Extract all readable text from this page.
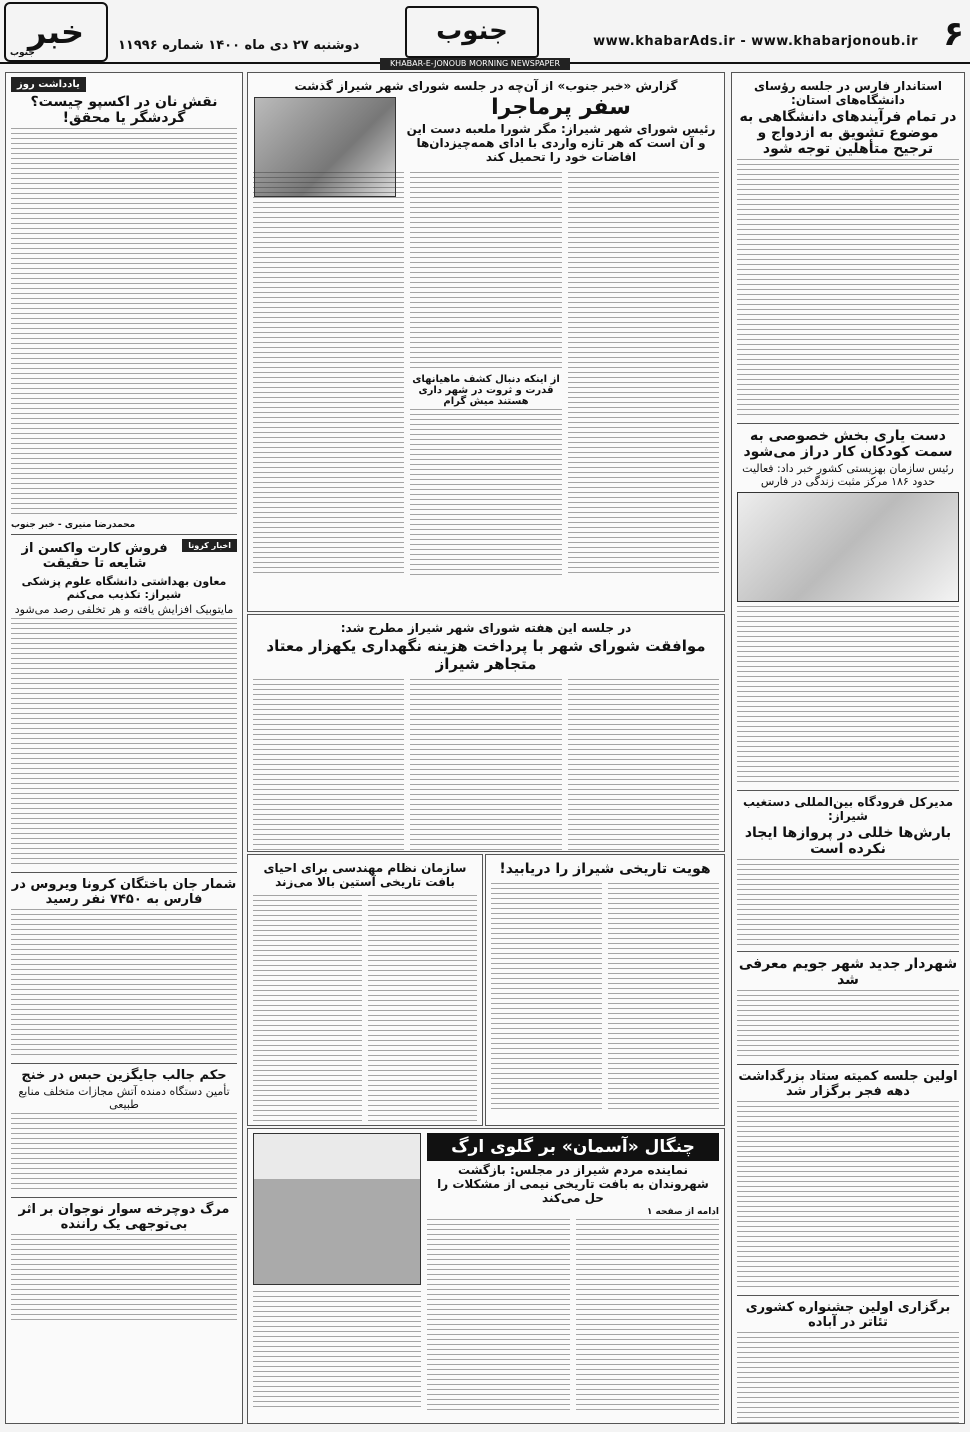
۶
www.khabarAds.ir - www.khabarjonoub.ir
جنوب
دوشنبه ۲۷ دی ماه ۱۴۰۰ شماره ۱۱۹۹۶
خبر
جنوب
KHABAR-E-JONOUB MORNING NEWSPAPER
استاندار فارس در جلسه رؤسای دانشگاه‌های استان:
در تمام فرآیندهای دانشگاهی به موضوع تشویق به ازدواج و ترجیح متأهلین توجه شود
دست یاری بخش خصوصی به سمت کودکان کار دراز می‌شود
رئیس سازمان بهزیستی کشور خبر داد: فعالیت حدود ۱۸۶ مرکز مثبت زندگی در فارس
مدیرکل فرودگاه بین‌المللی دستغیب شیراز:
بارش‌ها خللی در پروازها ایجاد نکرده است
شهردار جدید شهر جویم معرفی شد
اولین جلسه کمیته ستاد بزرگداشت دهه فجر برگزار شد
برگزاری اولین جشنواره کشوری تئاتر در آباده
گزارش «خبر جنوب» از آن‌چه در جلسه شورای شهر شیراز گذشت
سفر پرماجرا
رئیس شورای شهر شیراز: مگر شورا ملعبه دست این و آن است که هر تازه واردی با ادای همه‌چیزدان‌ها افاضات خود را تحمیل کند
از اینکه دنبال کشف ماهیانهای قدرت و ثروت در شهر داری هستند میش گرام
در جلسه این هفته شورای شهر شیراز مطرح شد:
موافقت شورای شهر با پرداخت هزینه نگهداری یکهزار معتاد متجاهر شیراز
هویت تاریخی شیراز را دریابید!
سازمان نظام مهندسی برای احیای بافت تاریخی آستین بالا می‌زند
چنگال «آسمان» بر گلوی ارگ
نماینده مردم شیراز در مجلس: بازگشت شهروندان به بافت تاریخی نیمی از مشکلات را حل می‌کند
ادامه از صفحه ۱
یادداشت روز
نقش نان در اکسپو چیست؟ گردشگر یا محقق!
محمدرضا منیری - خبر جنوب
اخبار کرونا
فروش کارت واکسن از شایعه تا حقیقت
معاون بهداشتی دانشگاه علوم پزشکی شیراز: تکذیب می‌کنم
مایتوبیک افزایش یافته و هر تخلفی رصد می‌شود
شمار جان باختگان کرونا ویروس در فارس به ۷۴۵۰ نفر رسید
حکم جالب جایگزین حبس در خنج
تأمین دستگاه دمنده آتش مجازات متخلف منابع طبیعی
مرگ دوچرخه سوار نوجوان بر اثر بی‌توجهی یک راننده
